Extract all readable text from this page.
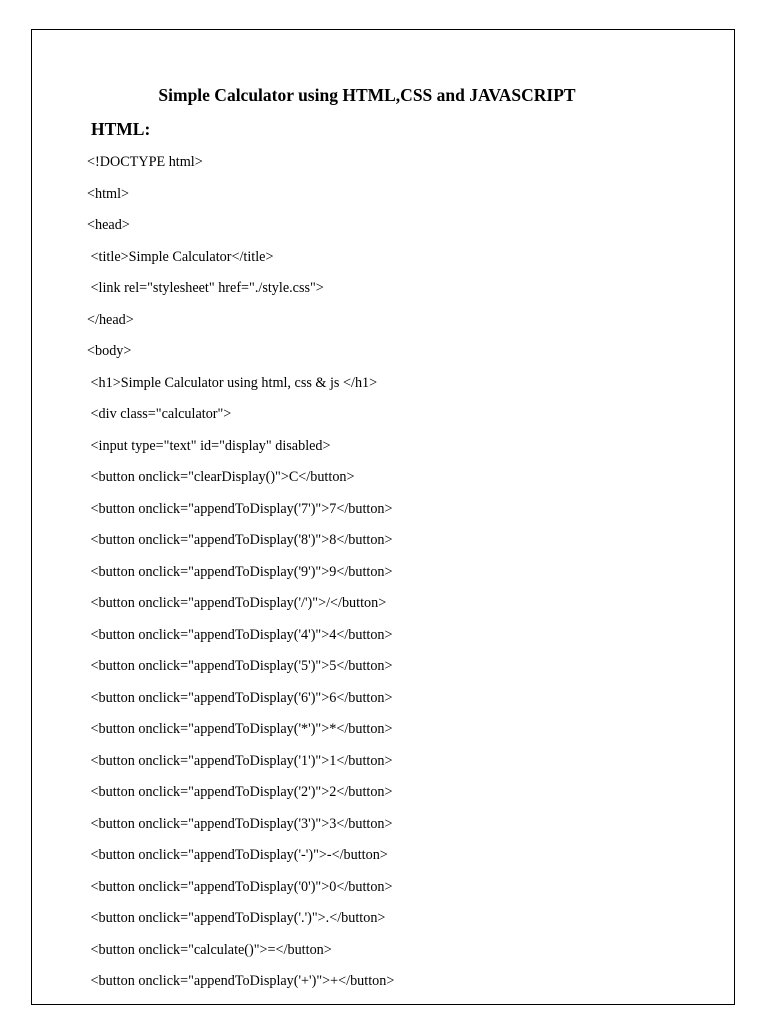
Simple Calculator using HTML,CSS and JAVASCRIPT
HTML:
<!DOCTYPE html>
<html>
<head>
<title>Simple Calculator</title>
<link rel="stylesheet" href="./style.css">
</head>
<body>
<h1>Simple Calculator using html, css & js </h1>
<div class="calculator">
<input type="text" id="display" disabled>
<button onclick="clearDisplay()">C</button>
<button onclick="appendToDisplay('7')">7</button>
<button onclick="appendToDisplay('8')">8</button>
<button onclick="appendToDisplay('9')">9</button>
<button onclick="appendToDisplay('/')">/</button>
<button onclick="appendToDisplay('4')">4</button>
<button onclick="appendToDisplay('5')">5</button>
<button onclick="appendToDisplay('6')">6</button>
<button onclick="appendToDisplay('*')">*</button>
<button onclick="appendToDisplay('1')">1</button>
<button onclick="appendToDisplay('2')">2</button>
<button onclick="appendToDisplay('3')">3</button>
<button onclick="appendToDisplay('-')">-</button>
<button onclick="appendToDisplay('0')">0</button>
<button onclick="appendToDisplay('.')">.</button>
<button onclick="calculate()">=</button>
<button onclick="appendToDisplay('+')">+</button>
